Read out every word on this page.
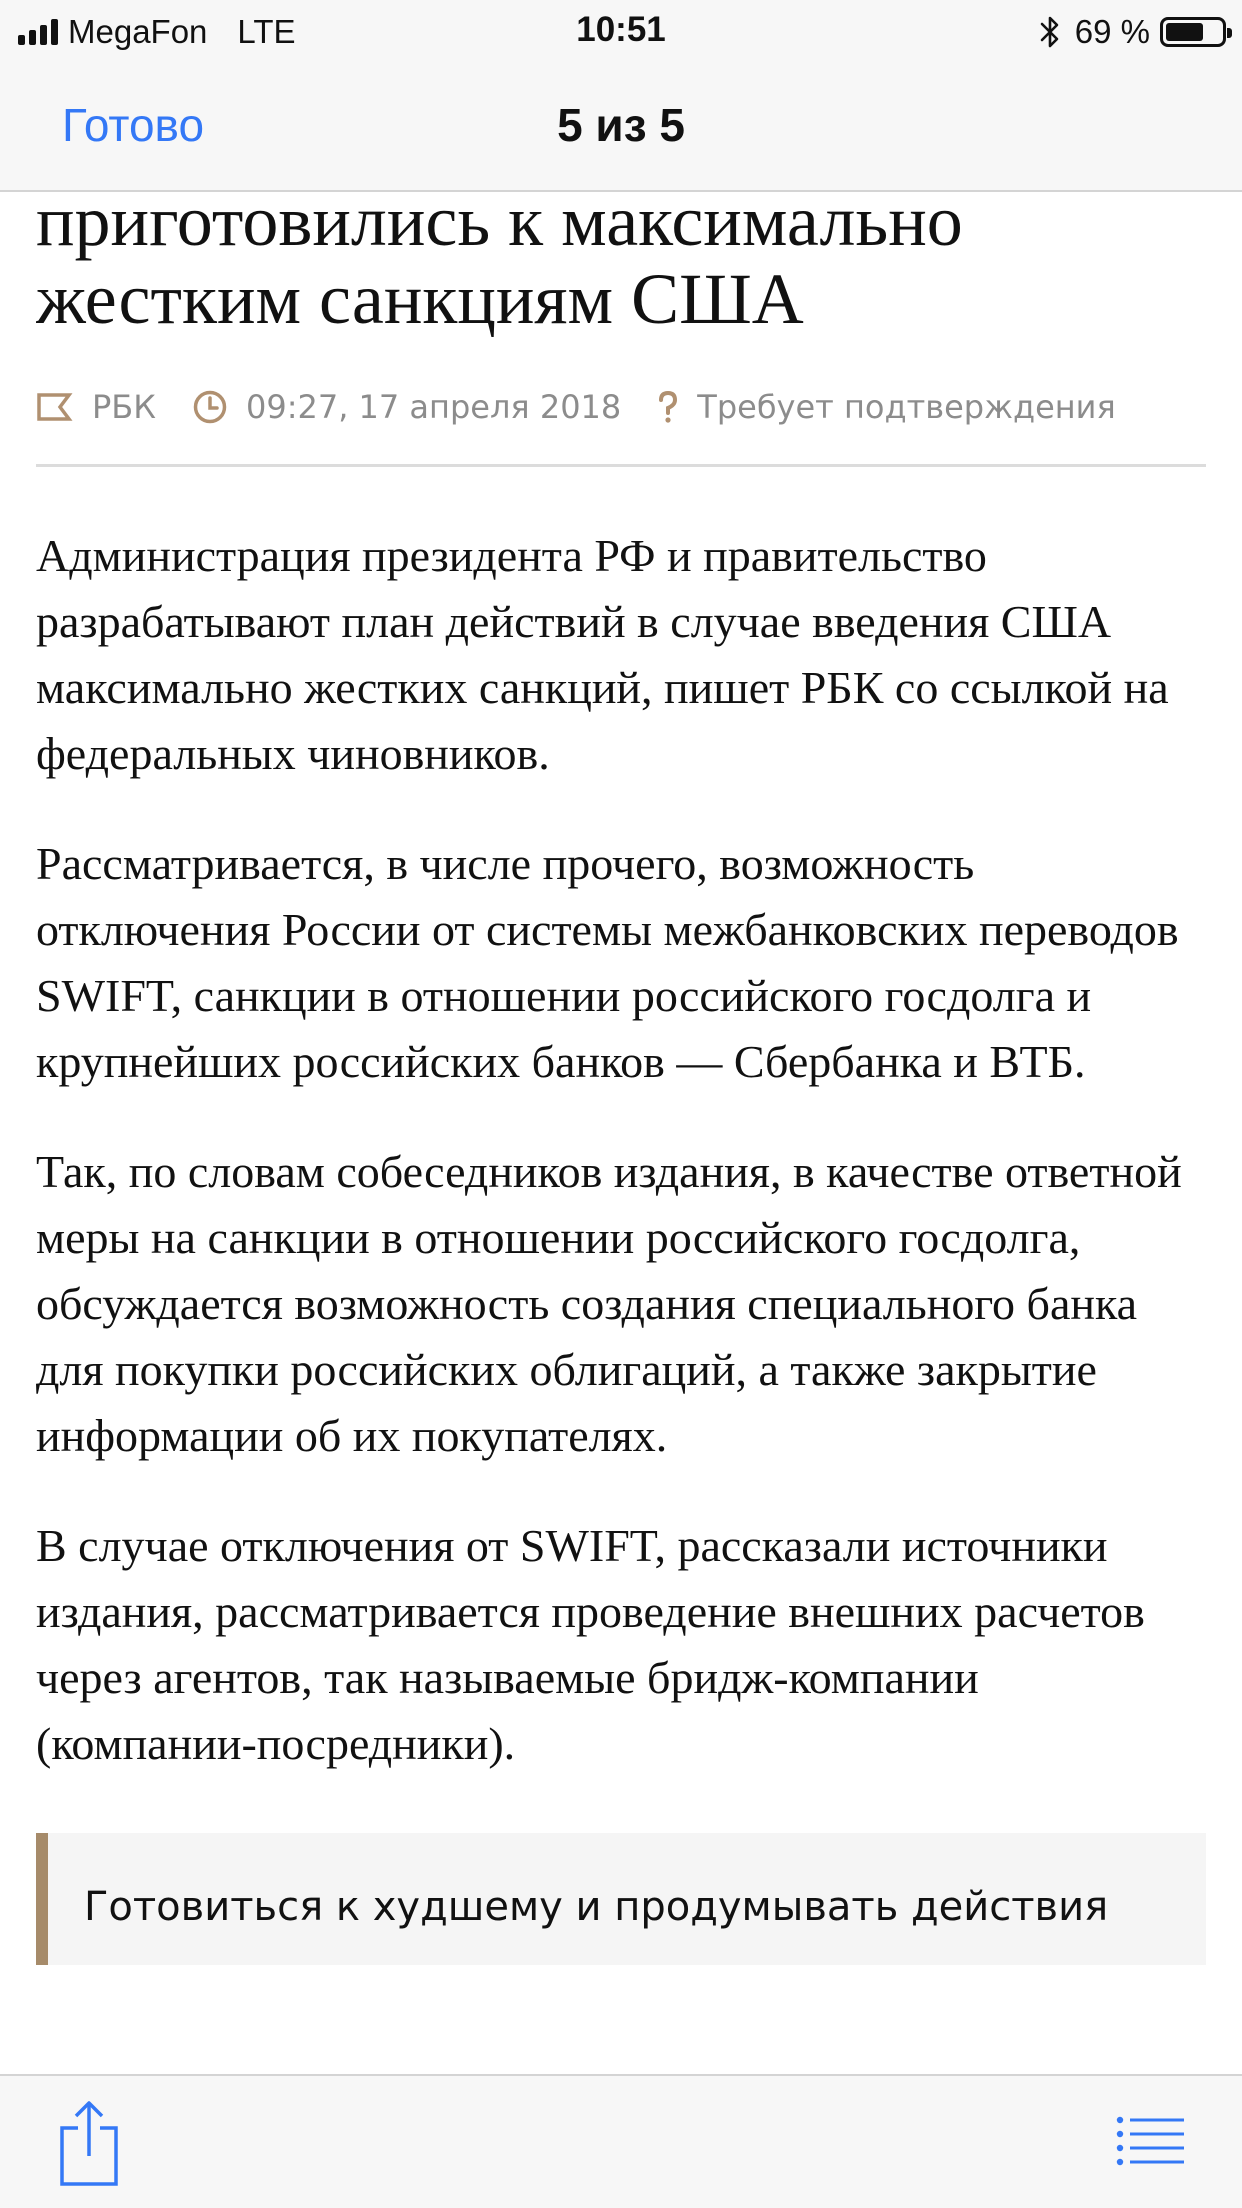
MegaFon LTE	10:51	69 %
Готово	5 из 5
приготовились к максимально жестким санкциям США
РБК	09:27, 17 апреля 2018 Требует подтверждения

Администрация президента РФ и правительство разрабатывают план действий в случае введения США максимально жестких санкций, пишет РБК со ссылкой на федеральных чиновников.

Рассматривается, в числе прочего, возможность отключения России от системы межбанковских переводов SWIFT, санкции в отношении российского госдолга и крупнейших российских банков — Сбербанка и ВТБ.

Так, по словам собеседников издания, в качестве ответной меры на санкции в отношении российского госдолга, обсуждается возможность создания специального банка для покупки российских облигаций, а также закрытие информации об их покупателях.

В случае отключения от SWIFT, рассказали источники издания, рассматривается проведение внешних расчетов через агентов, так называемые бридж-компании (компании-посредники).

Готовиться к худшему и продумывать действия
